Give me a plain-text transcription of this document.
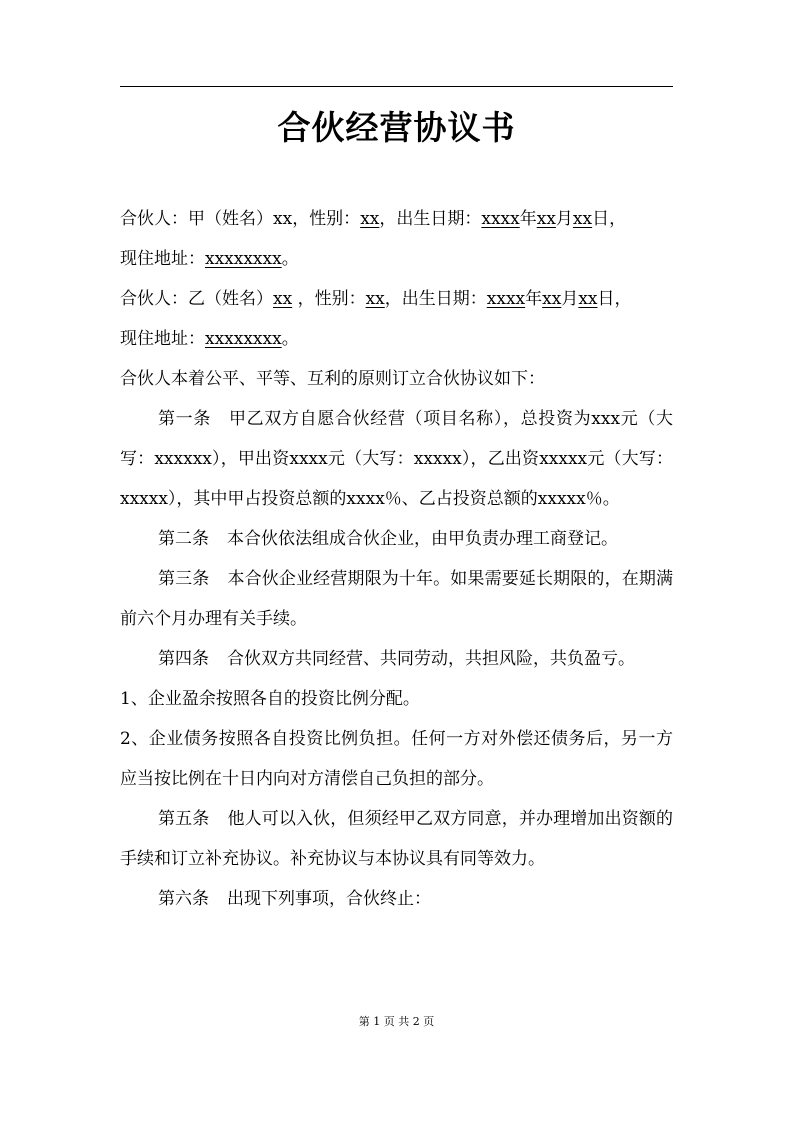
合伙经营协议书

合伙人：甲（姓名）xx，性别：xx，出生日期：xxxx年xx月xx日，

现住地址：xxxxxxxx。

合伙人：乙（姓名）xx ，性别：xx，出生日期：xxxx年xx月xx日，

现住地址：xxxxxxxx。

合伙人本着公平、平等、互利的原则订立合伙协议如下：

第一条 甲乙双方自愿合伙经营（项目名称），总投资为xxx元（大写：xxxxxx），甲出资xxxx元（大写：xxxxx），乙出资xxxxx元（大写：xxxxx），其中甲占投资总额的xxxx％、乙占投资总额的xxxxx％。

第二条 本合伙依法组成合伙企业，由甲负责办理工商登记。

第三条 本合伙企业经营期限为十年。如果需要延长期限的，在期满前六个月办理有关手续。

第四条 合伙双方共同经营、共同劳动，共担风险，共负盈亏。

1、企业盈余按照各自的投资比例分配。

2、企业债务按照各自投资比例负担。任何一方对外偿还债务后，另一方应当按比例在十日内向对方清偿自己负担的部分。

第五条 他人可以入伙，但须经甲乙双方同意，并办理增加出资额的手续和订立补充协议。补充协议与本协议具有同等效力。

第六条 出现下列事项，合伙终止：

第 1 页 共 2 页
